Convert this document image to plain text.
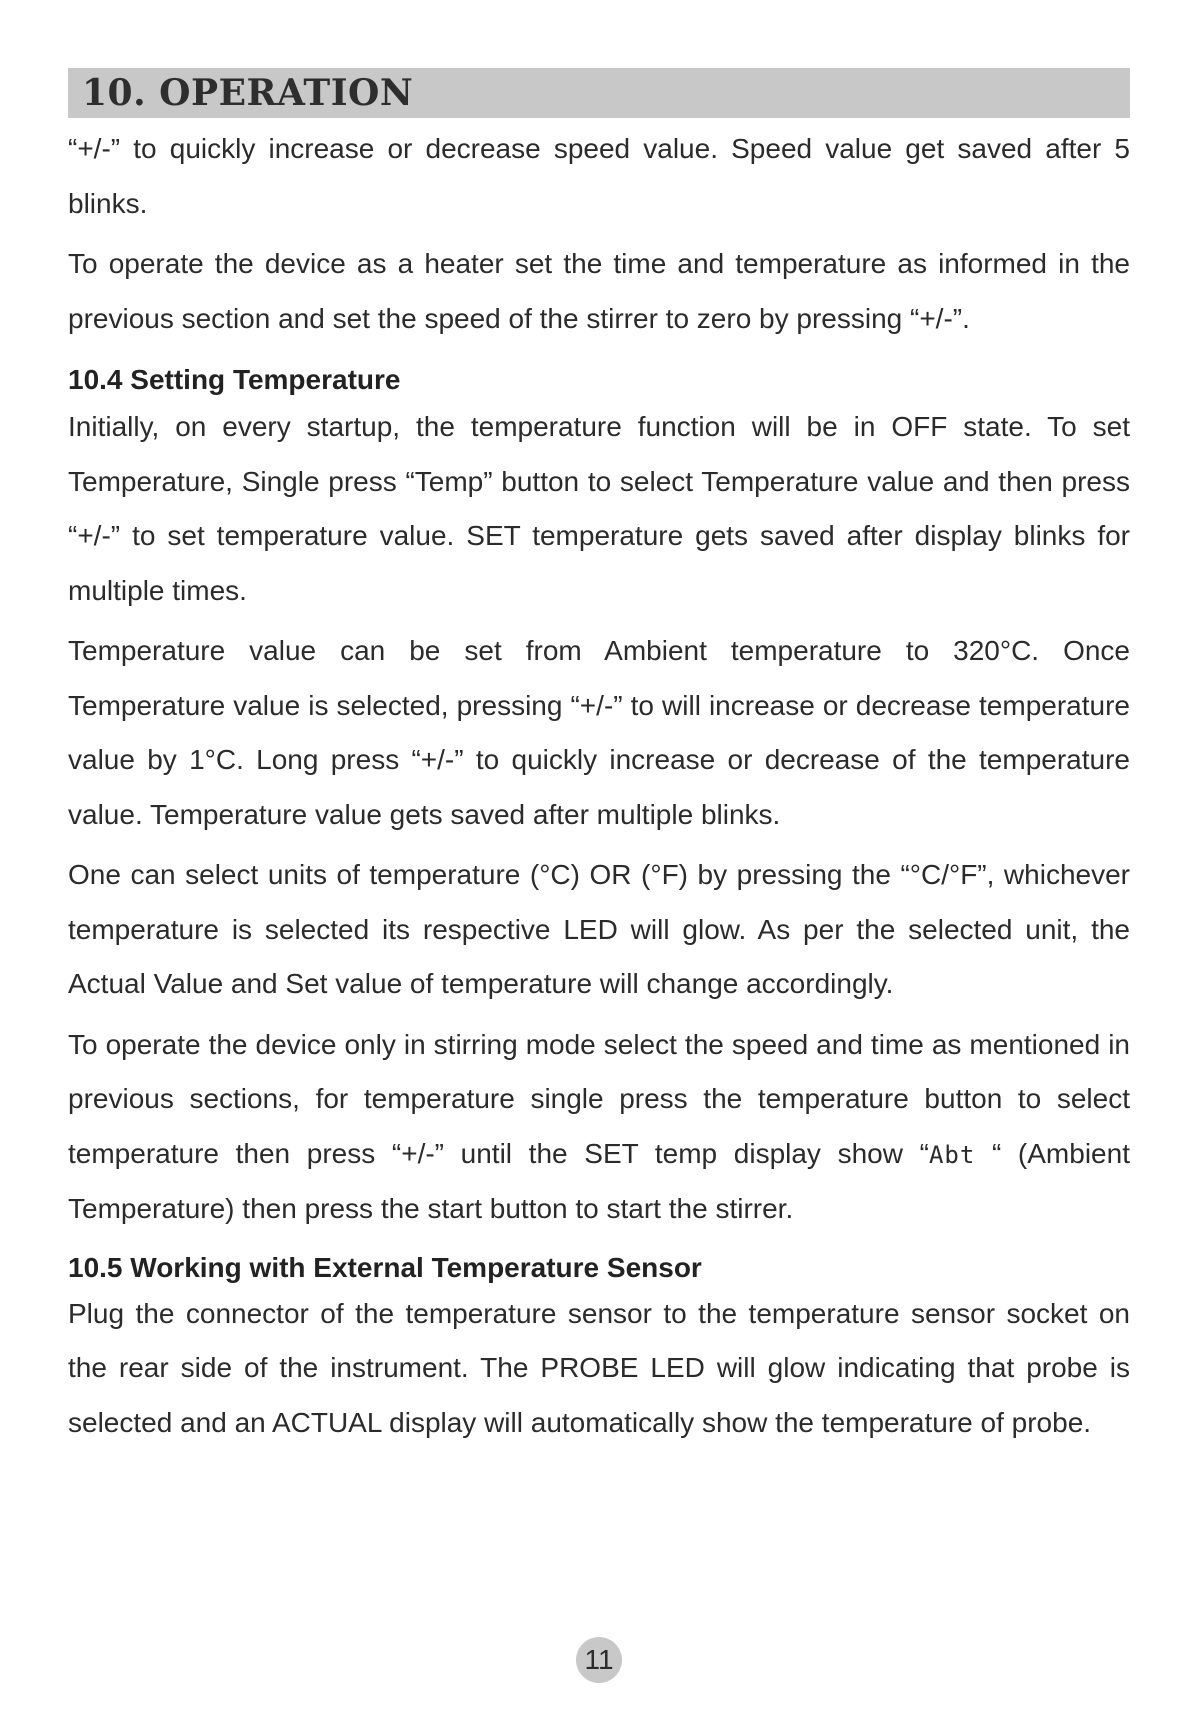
10. OPERATION

“+/-” to quickly increase or decrease speed value. Speed value get saved after 5 blinks.

To operate the device as a heater set the time and temperature as informed in the previous section and set the speed of the stirrer to zero by pressing “+/-”.

10.4 Setting Temperature

Initially, on every startup, the temperature function will be in OFF state. To set Temperature, Single press “Temp” button to select Temperature value and then press “+/-” to set temperature value. SET temperature gets saved after display blinks for multiple times.

Temperature value can be set from Ambient temperature to 320°C. Once Temperature value is selected, pressing “+/-” to will increase or decrease temperature value by 1°C. Long press “+/-” to quickly increase or decrease of the temperature value. Temperature value gets saved after multiple blinks.

One can select units of temperature (°C) OR (°F) by pressing the “°C/°F”, whichever temperature is selected its respective LED will glow. As per the selected unit, the Actual Value and Set value of temperature will change accordingly.

To operate the device only in stirring mode select the speed and time as mentioned in previous sections, for temperature single press the temperature button to select temperature then press “+/-” until the SET temp display show “Abt “ (Ambient Temperature) then press the start button to start the stirrer.

10.5 Working with External Temperature Sensor

Plug the connector of the temperature sensor to the temperature sensor socket on the rear side of the instrument. The PROBE LED will glow indicating that probe is selected and an ACTUAL display will automatically show the temperature of probe.

11
